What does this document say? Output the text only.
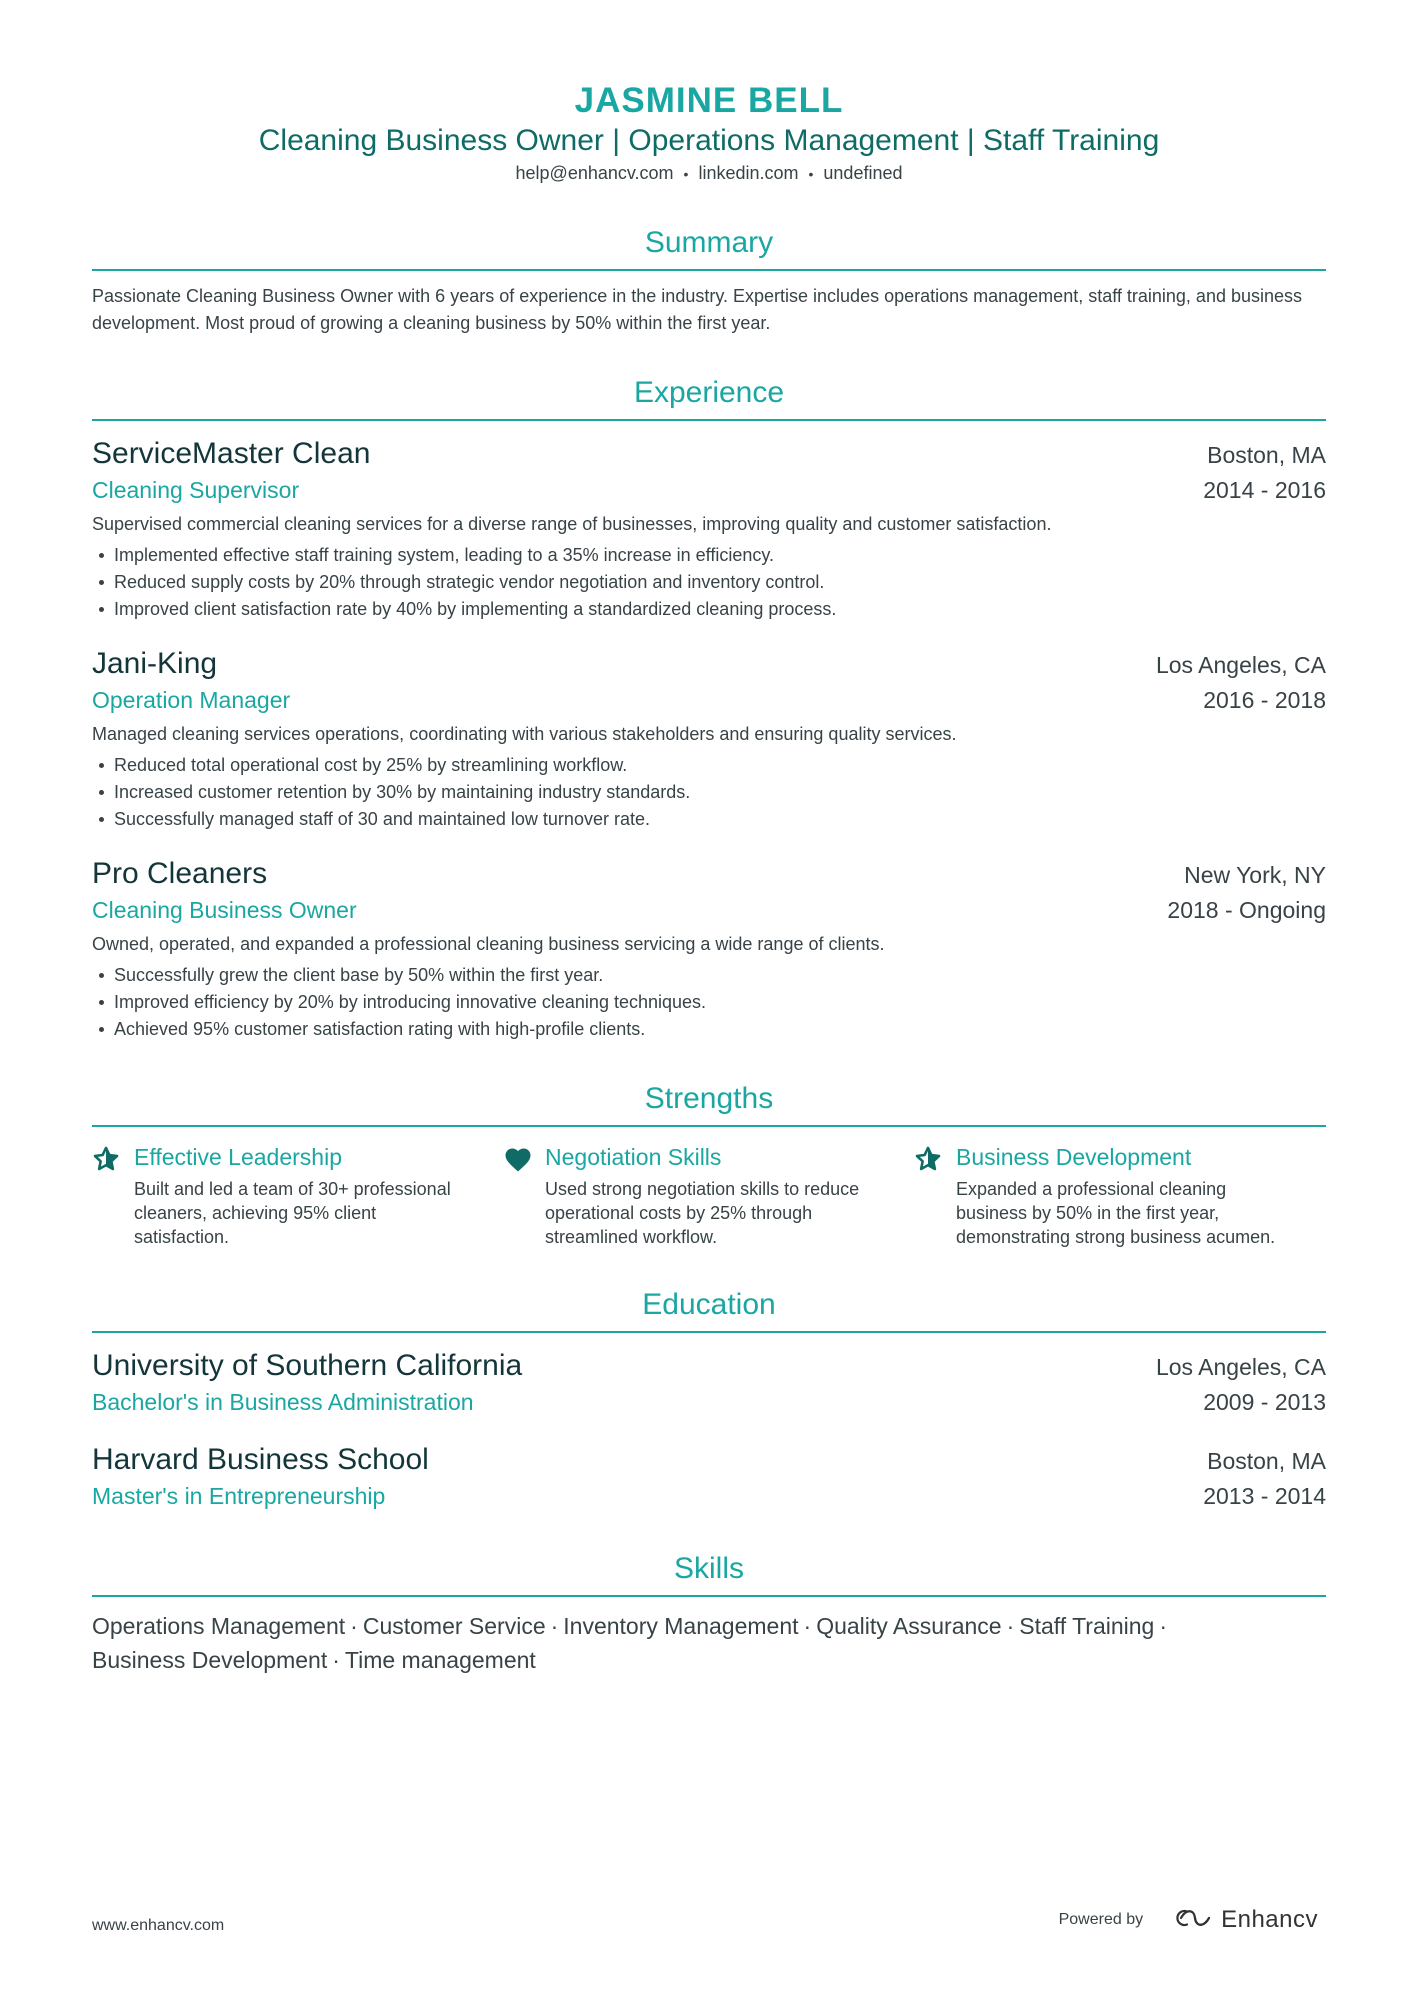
JASMINE BELL
Cleaning Business Owner | Operations Management | Staff Training
help@enhancv.com • linkedin.com • undefined
Summary
Passionate Cleaning Business Owner with 6 years of experience in the industry. Expertise includes operations management, staff training, and business development. Most proud of growing a cleaning business by 50% within the first year.
Experience
ServiceMaster Clean	Boston, MA
Cleaning Supervisor	2014 - 2016
Supervised commercial cleaning services for a diverse range of businesses, improving quality and customer satisfaction.
Implemented effective staff training system, leading to a 35% increase in efficiency.
Reduced supply costs by 20% through strategic vendor negotiation and inventory control.
Improved client satisfaction rate by 40% by implementing a standardized cleaning process.
Jani-King	Los Angeles, CA
Operation Manager	2016 - 2018
Managed cleaning services operations, coordinating with various stakeholders and ensuring quality services.
Reduced total operational cost by 25% by streamlining workflow.
Increased customer retention by 30% by maintaining industry standards.
Successfully managed staff of 30 and maintained low turnover rate.
Pro Cleaners	New York, NY
Cleaning Business Owner	2018 - Ongoing
Owned, operated, and expanded a professional cleaning business servicing a wide range of clients.
Successfully grew the client base by 50% within the first year.
Improved efficiency by 20% by introducing innovative cleaning techniques.
Achieved 95% customer satisfaction rating with high-profile clients.
Strengths
Effective Leadership
Built and led a team of 30+ professional cleaners, achieving 95% client satisfaction.
Negotiation Skills
Used strong negotiation skills to reduce operational costs by 25% through streamlined workflow.
Business Development
Expanded a professional cleaning business by 50% in the first year, demonstrating strong business acumen.
Education
University of Southern California	Los Angeles, CA
Bachelor's in Business Administration	2009 - 2013
Harvard Business School	Boston, MA
Master's in Entrepreneurship	2013 - 2014
Skills
Operations Management · Customer Service · Inventory Management · Quality Assurance · Staff Training ·
Business Development · Time management
www.enhancv.com	Powered by	Enhancv
